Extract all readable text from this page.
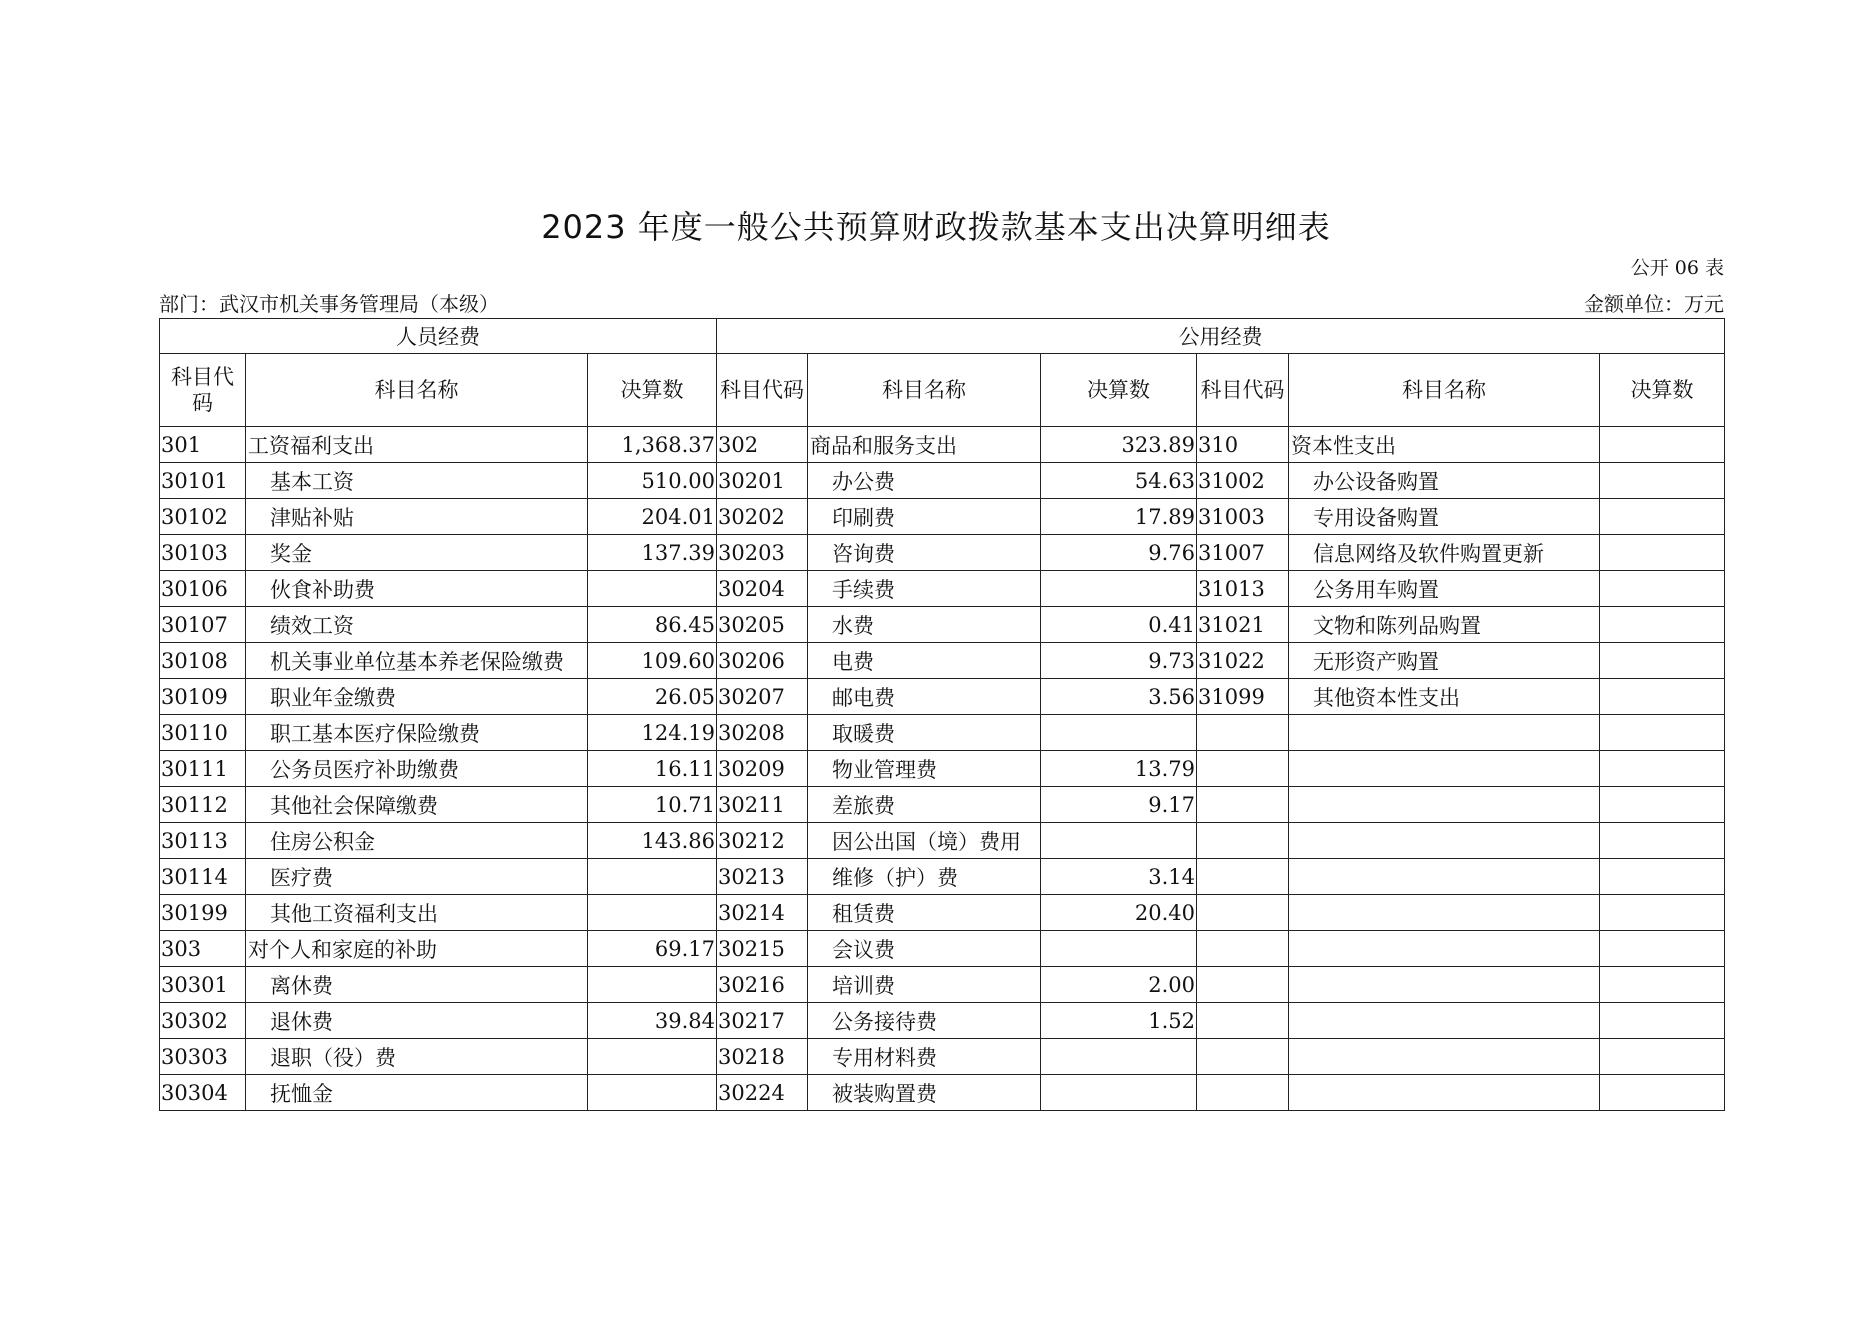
2023 年度一般公共预算财政拨款基本支出决算明细表
公开 06 表
部门：武汉市机关事务管理局（本级）	金额单位：万元
人员经费			公用经费					
科目代码	科目名称	决算数	科目代码	科目名称	决算数	科目代码	科目名称	决算数
301	工资福利支出	1,368.37	302	商品和服务支出	323.89	310	资本性支出	
30101	基本工资	510.00	30201	办公费	54.63	31002	办公设备购置	
30102	津贴补贴	204.01	30202	印刷费	17.89	31003	专用设备购置	
30103	奖金	137.39	30203	咨询费	9.76	31007	信息网络及软件购置更新	
30106	伙食补助费		30204	手续费		31013	公务用车购置	
30107	绩效工资	86.45	30205	水费	0.41	31021	文物和陈列品购置	
30108	机关事业单位基本养老保险缴费	109.60	30206	电费	9.73	31022	无形资产购置	
30109	职业年金缴费	26.05	30207	邮电费	3.56	31099	其他资本性支出	
30110	职工基本医疗保险缴费	124.19	30208	取暖费				
30111	公务员医疗补助缴费	16.11	30209	物业管理费	13.79			
30112	其他社会保障缴费	10.71	30211	差旅费	9.17			
30113	住房公积金	143.86	30212	因公出国（境）费用				
30114	医疗费		30213	维修（护）费	3.14			
30199	其他工资福利支出		30214	租赁费	20.40			
303	对个人和家庭的补助	69.17	30215	会议费				
30301	离休费		30216	培训费	2.00			
30302	退休费	39.84	30217	公务接待费	1.52			
30303	退职（役）费		30218	专用材料费				
30304	抚恤金		30224	被装购置费				
